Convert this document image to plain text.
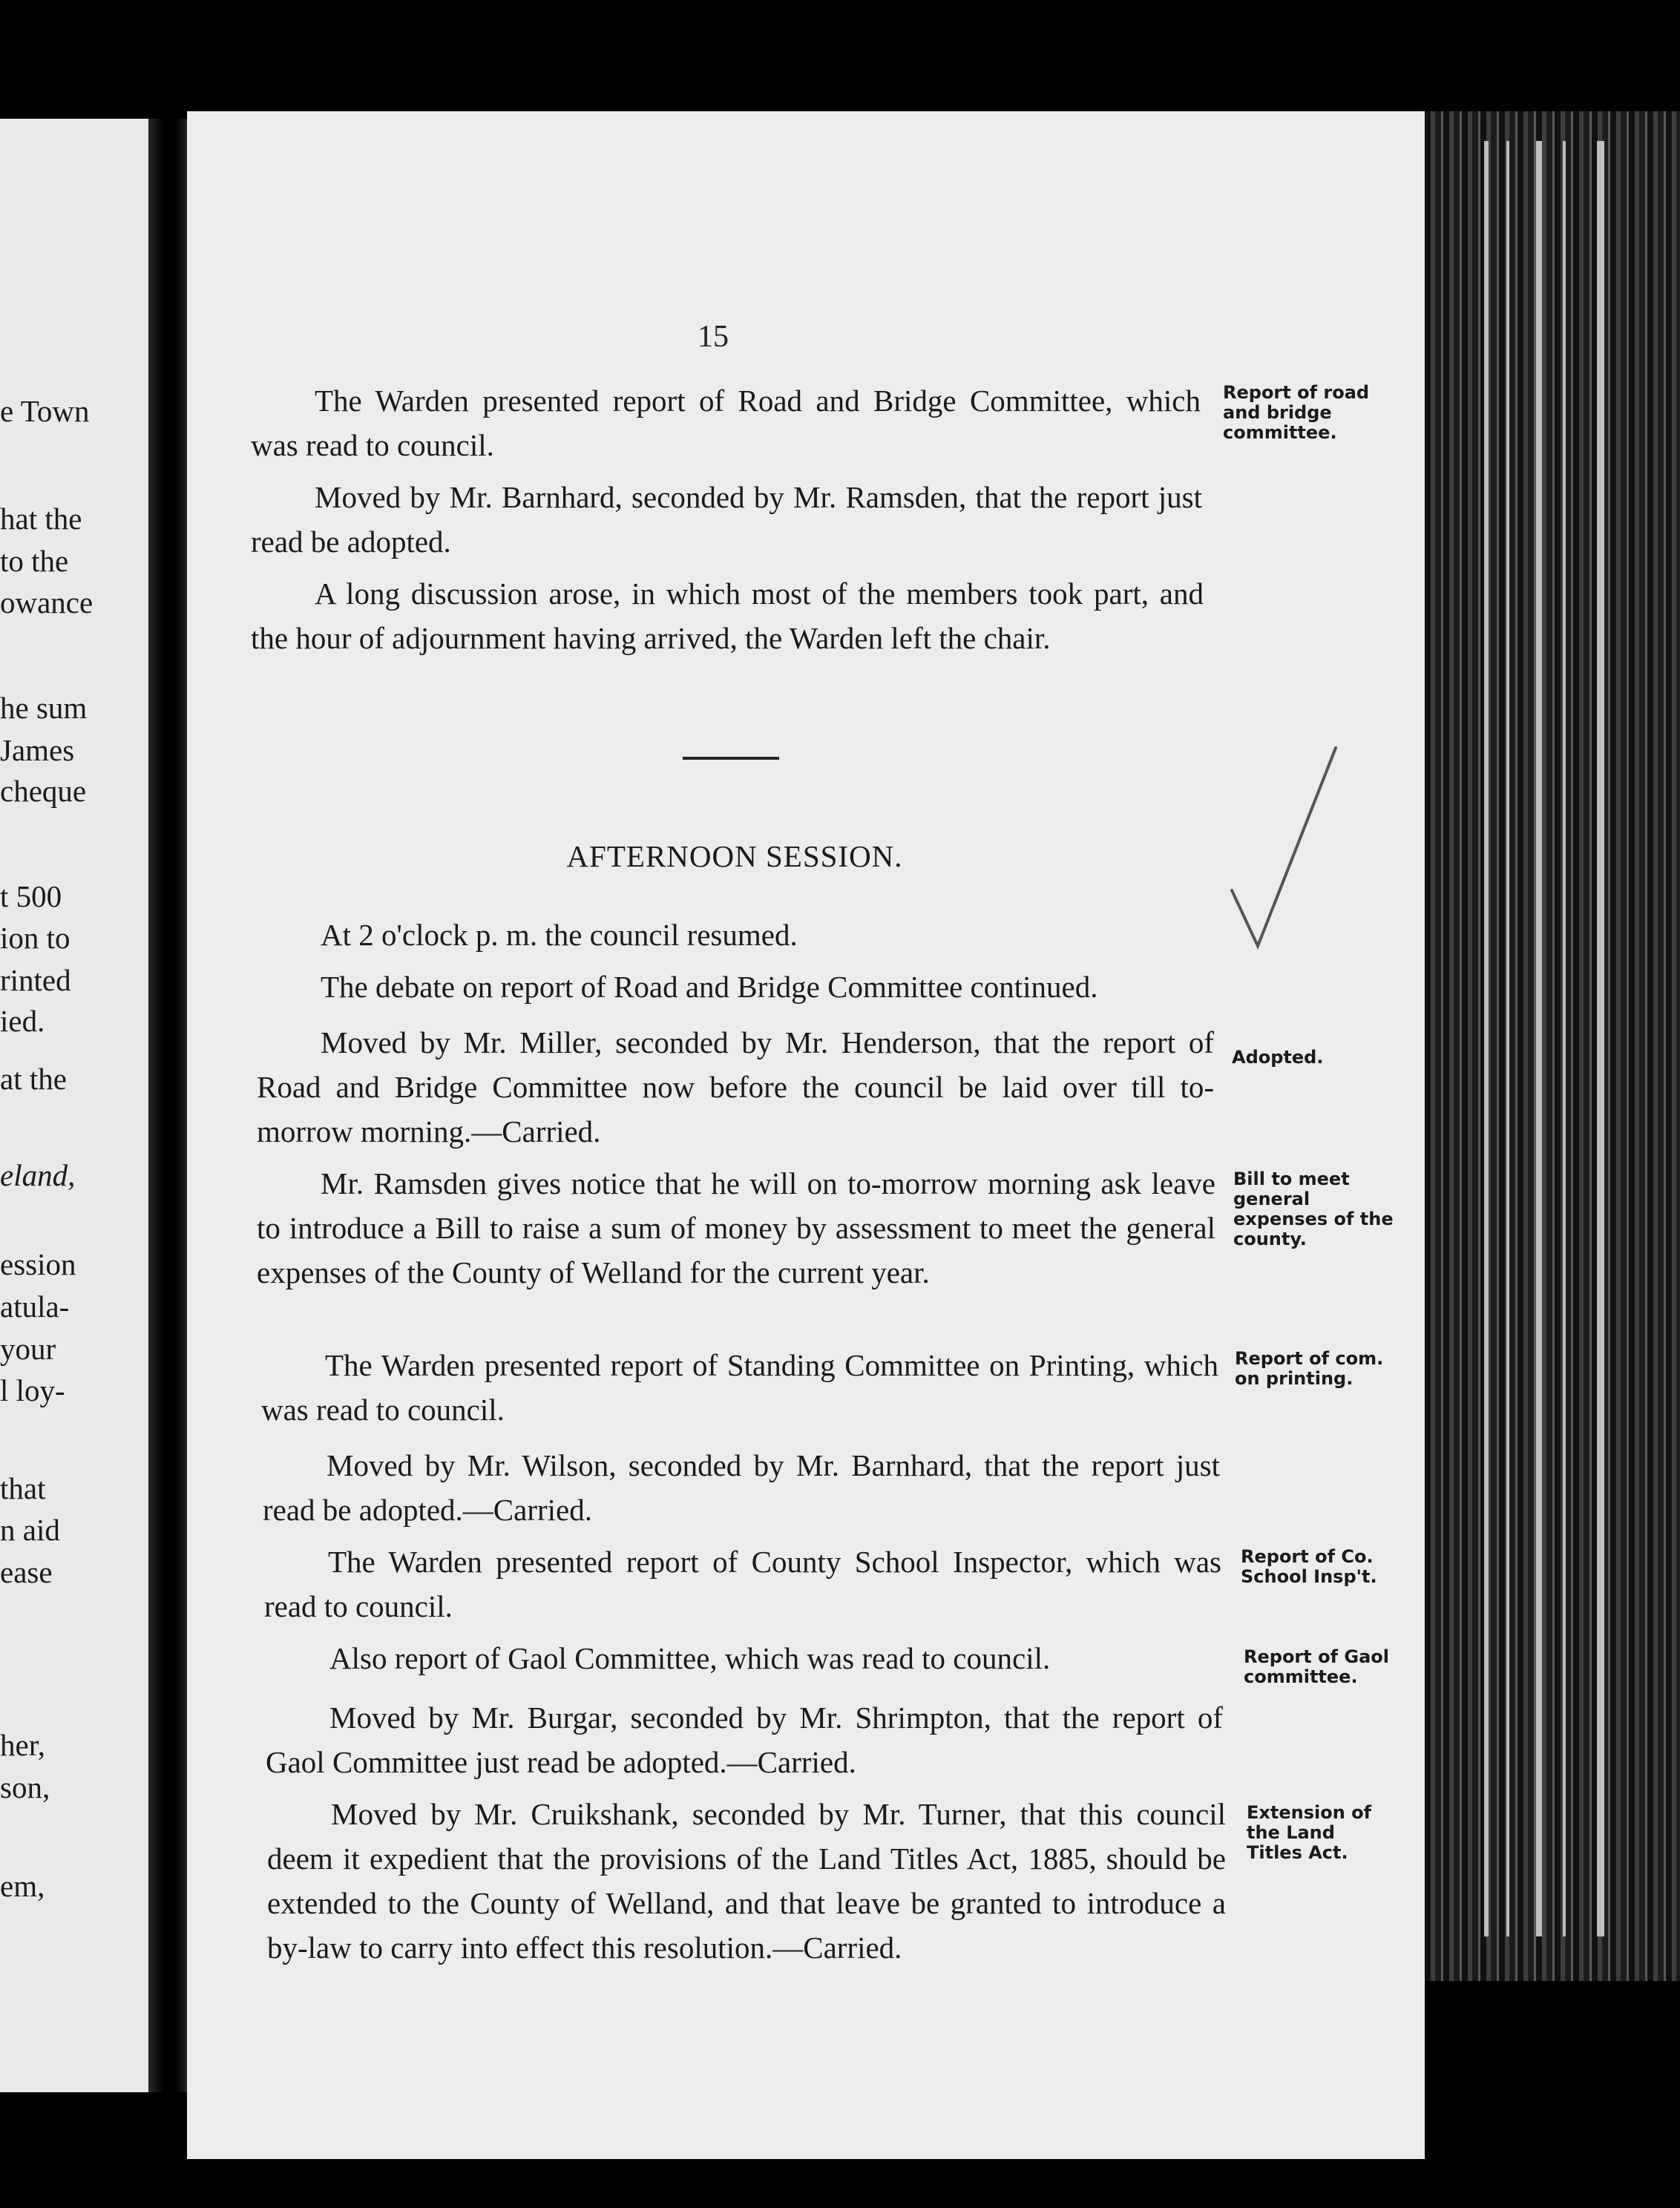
e Town
hat the
to the
owance
he sum
James
cheque
t 500
ion to
rinted
ied.
at the
eland,
ession
atula-
your
l loy-
that
n aid
ease
her,
son,
em,
15

The Warden presented report of Road and Bridge Committee, which was read to council.

Moved by Mr. Barnhard, seconded by Mr. Ramsden, that the report just read be adopted.

A long discussion arose, in which most of the members took part, and the hour of adjournment having arrived, the Warden left the chair.

AFTERNOON SESSION.

At 2 o'clock p. m. the council resumed.

The debate on report of Road and Bridge Committee continued.

Moved by Mr. Miller, seconded by Mr. Henderson, that the report of Road and Bridge Committee now before the council be laid over till to-morrow morning.—Carried.

Mr. Ramsden gives notice that he will on to-morrow morning ask leave to introduce a Bill to raise a sum of money by assessment to meet the general expenses of the County of Welland for the current year.

The Warden presented report of Standing Committee on Printing, which was read to council.

Moved by Mr. Wilson, seconded by Mr. Barnhard, that the report just read be adopted.—Carried.

The Warden presented report of County School Inspector, which was read to council.

Also report of Gaol Committee, which was read to council.

Moved by Mr. Burgar, seconded by Mr. Shrimpton, that the report of Gaol Committee just read be adopted.—Carried.

Moved by Mr. Cruikshank, seconded by Mr. Turner, that this council deem it expedient that the provisions of the Land Titles Act, 1885, should be extended to the County of Welland, and that leave be granted to introduce a by-law to carry into effect this resolution.—Carried.

Report of road and bridge committee.
Adopted.
Bill to meet general expenses of the county.
Report of com. on printing.
Report of Co. School Insp't.
Report of Gaol committee.
Extension of the Land Titles Act.
